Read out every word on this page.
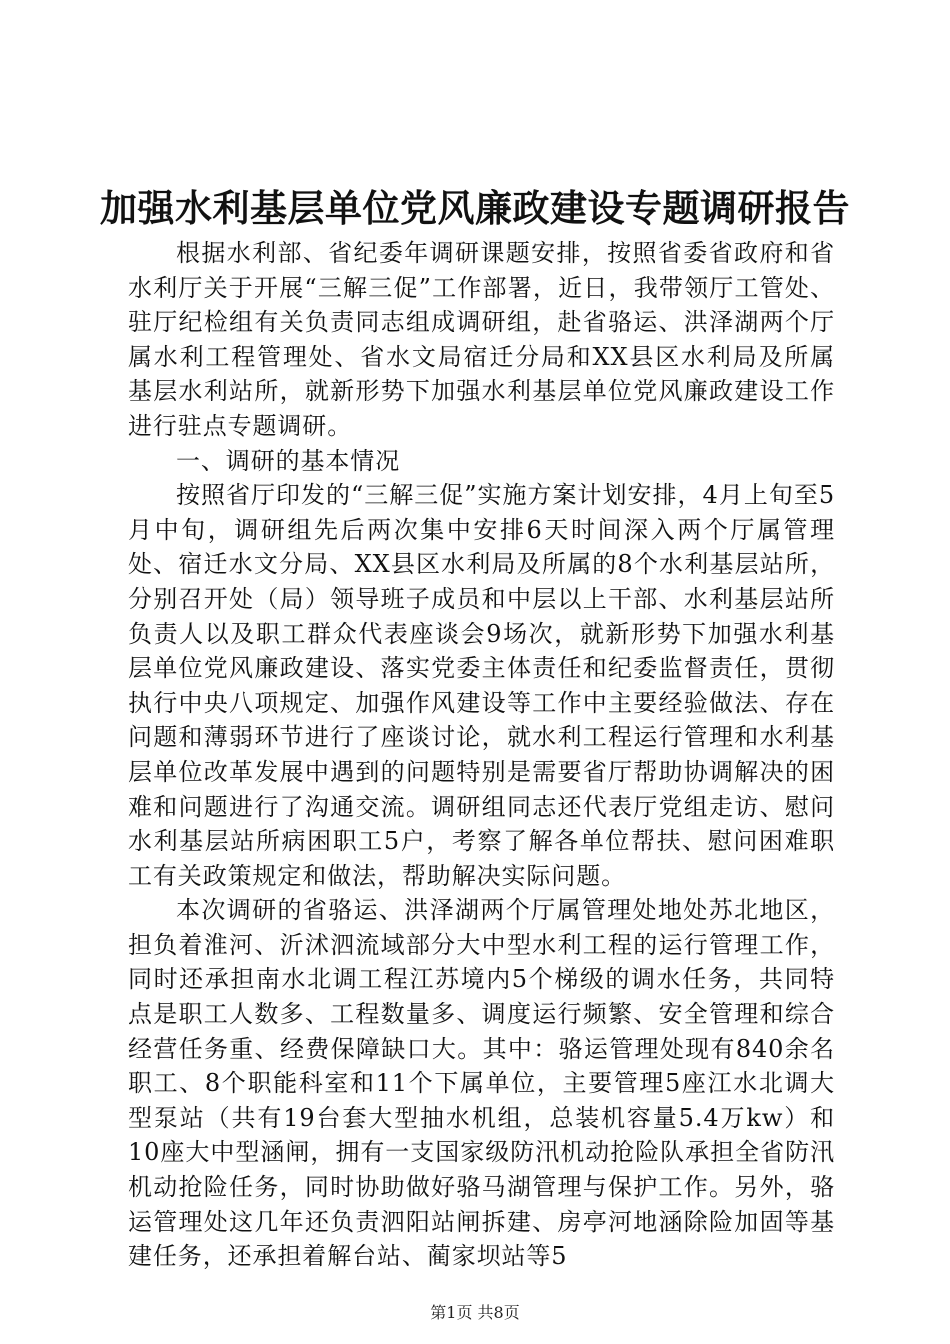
加强水利基层单位党风廉政建设专题调研报告

根据水利部、省纪委年调研课题安排，按照省委省政府和省水利厅关于开展“三解三促”工作部署，近日，我带领厅工管处、驻厅纪检组有关负责同志组成调研组，赴省骆运、洪泽湖两个厅属水利工程管理处、省水文局宿迁分局和XX县区水利局及所属基层水利站所，就新形势下加强水利基层单位党风廉政建设工作进行驻点专题调研。

一、调研的基本情况

按照省厅印发的“三解三促”实施方案计划安排，4月上旬至5月中旬，调研组先后两次集中安排6天时间深入两个厅属管理处、宿迁水文分局、XX县区水利局及所属的8个水利基层站所，分别召开处（局）领导班子成员和中层以上干部、水利基层站所负责人以及职工群众代表座谈会9场次，就新形势下加强水利基层单位党风廉政建设、落实党委主体责任和纪委监督责任，贯彻执行中央八项规定、加强作风建设等工作中主要经验做法、存在问题和薄弱环节进行了座谈讨论，就水利工程运行管理和水利基层单位改革发展中遇到的问题特别是需要省厅帮助协调解决的困难和问题进行了沟通交流。调研组同志还代表厅党组走访、慰问水利基层站所病困职工5户，考察了解各单位帮扶、慰问困难职工有关政策规定和做法，帮助解决实际问题。

本次调研的省骆运、洪泽湖两个厅属管理处地处苏北地区，担负着淮河、沂沭泗流域部分大中型水利工程的运行管理工作，同时还承担南水北调工程江苏境内5个梯级的调水任务，共同特点是职工人数多、工程数量多、调度运行频繁、安全管理和综合经营任务重、经费保障缺口大。其中：骆运管理处现有840余名职工、8个职能科室和11个下属单位，主要管理5座江水北调大型泵站（共有19台套大型抽水机组，总装机容量5.4万kw）和10座大中型涵闸，拥有一支国家级防汛机动抢险队承担全省防汛机动抢险任务，同时协助做好骆马湖管理与保护工作。另外，骆运管理处这几年还负责泗阳站闸拆建、房亭河地涵除险加固等基建任务，还承担着解台站、蔺家坝站等5

第1页 共8页
